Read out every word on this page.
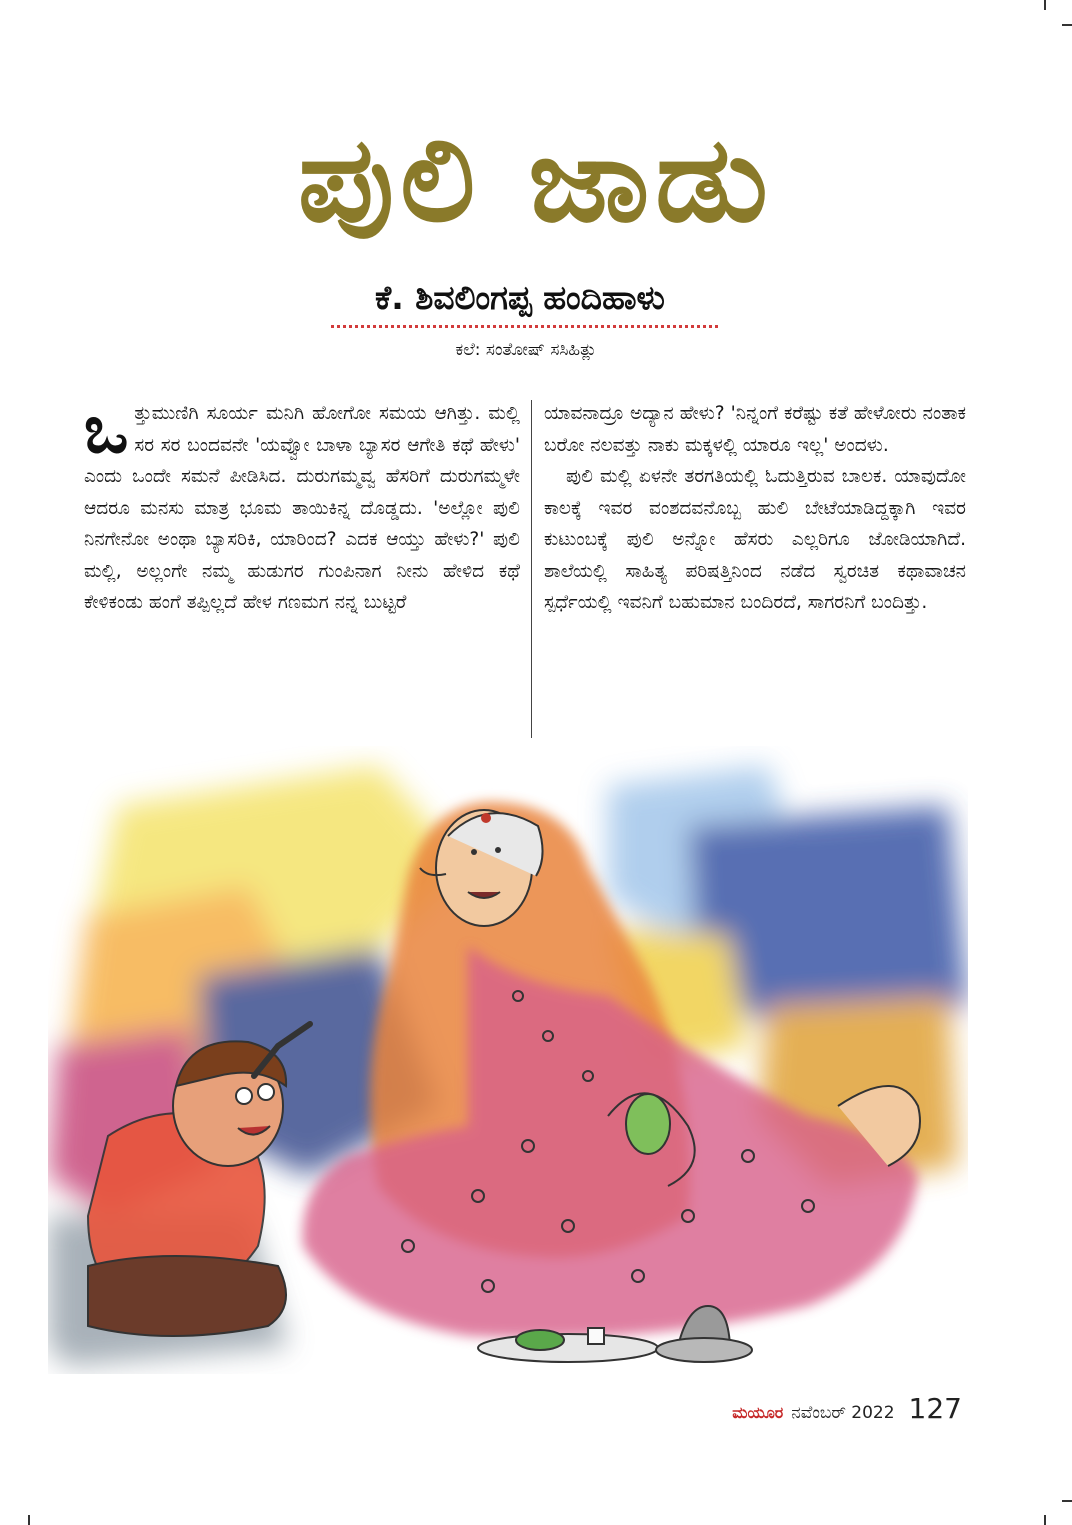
ಪುಲಿ ಜಾಡು
ಕೆ. ಶಿವಲಿಂಗಪ್ಪ ಹಂದಿಹಾಳು
ಕಲೆ: ಸಂತೋಷ್ ಸಸಿಹಿತ್ಲು

ಒತ್ತುಮುಣಿಗಿ ಸೂರ್ಯ ಮನಿಗಿ ಹೋಗೋ ಸಮಯ ಆಗಿತ್ತು. ಮಲ್ಲಿ ಸರ ಸರ ಬಂದವನೇ 'ಯವ್ವೋ ಬಾಳಾ ಬ್ಯಾಸರ ಆಗೇತಿ ಕಥೆ ಹೇಳು' ಎಂದು ಒಂದೇ ಸಮನೆ ಪೀಡಿಸಿದ. ದುರುಗಮ್ಮವ್ವ ಹೆಸರಿಗೆ ದುರುಗಮ್ಮಳೇ ಆದರೂ ಮನಸು ಮಾತ್ರ ಭೂಮ ತಾಯಿಕಿನ್ನ ದೊಡ್ಡದು. 'ಅಲ್ಲೋ ಪುಲಿ ನಿನಗೇನೋ ಅಂಥಾ ಬ್ಯಾಸರಿಕಿ, ಯಾರಿಂದ? ಎದಕ ಆಯ್ತು ಹೇಳು?' ಪುಲಿ ಮಲ್ಲಿ, ಅಲ್ಲಂಗೇ ನಮ್ಮ ಹುಡುಗರ ಗುಂಪಿನಾಗ ನೀನು ಹೇಳಿದ ಕಥೆ ಕೇಳಿಕಂಡು ಹಂಗೆ ತಪ್ಪಿಲ್ಲದೆ ಹೇಳ ಗಣಮಗ ನನ್ನ ಬುಟ್ಟರೆ

ಯಾವನಾದ್ರೂ ಅದ್ಯಾನ ಹೇಳು? 'ನಿನ್ನಂಗೆ ಕರೆಷ್ಟು ಕತೆ ಹೇಳೋರು ನಂತಾಕ ಬರೋ ನಲವತ್ತು ನಾಕು ಮಕ್ಕಳಲ್ಲಿ ಯಾರೂ ಇಲ್ಲ' ಅಂದಳು.

ಪುಲಿ ಮಲ್ಲಿ ಏಳನೇ ತರಗತಿಯಲ್ಲಿ ಓದುತ್ತಿರುವ ಬಾಲಕ. ಯಾವುದೋ ಕಾಲಕ್ಕೆ ಇವರ ವಂಶದವನೊಬ್ಬ ಹುಲಿ ಬೇಟೆಯಾಡಿದ್ದಕ್ಕಾಗಿ ಇವರ ಕುಟುಂಬಕ್ಕೆ ಪುಲಿ ಅನ್ನೋ ಹೆಸರು ಎಲ್ಲರಿಗೂ ಜೋಡಿಯಾಗಿದೆ. ಶಾಲೆಯಲ್ಲಿ ಸಾಹಿತ್ಯ ಪರಿಷತ್ತಿನಿಂದ ನಡೆದ ಸ್ವರಚಿತ ಕಥಾವಾಚನ ಸ್ಪರ್ಧೆಯಲ್ಲಿ ಇವನಿಗೆ ಬಹುಮಾನ ಬಂದಿರದೆ, ಸಾಗರನಿಗೆ ಬಂದಿತ್ತು.

ಮಯೂರ ನವೆಂಬರ್ 2022 127
